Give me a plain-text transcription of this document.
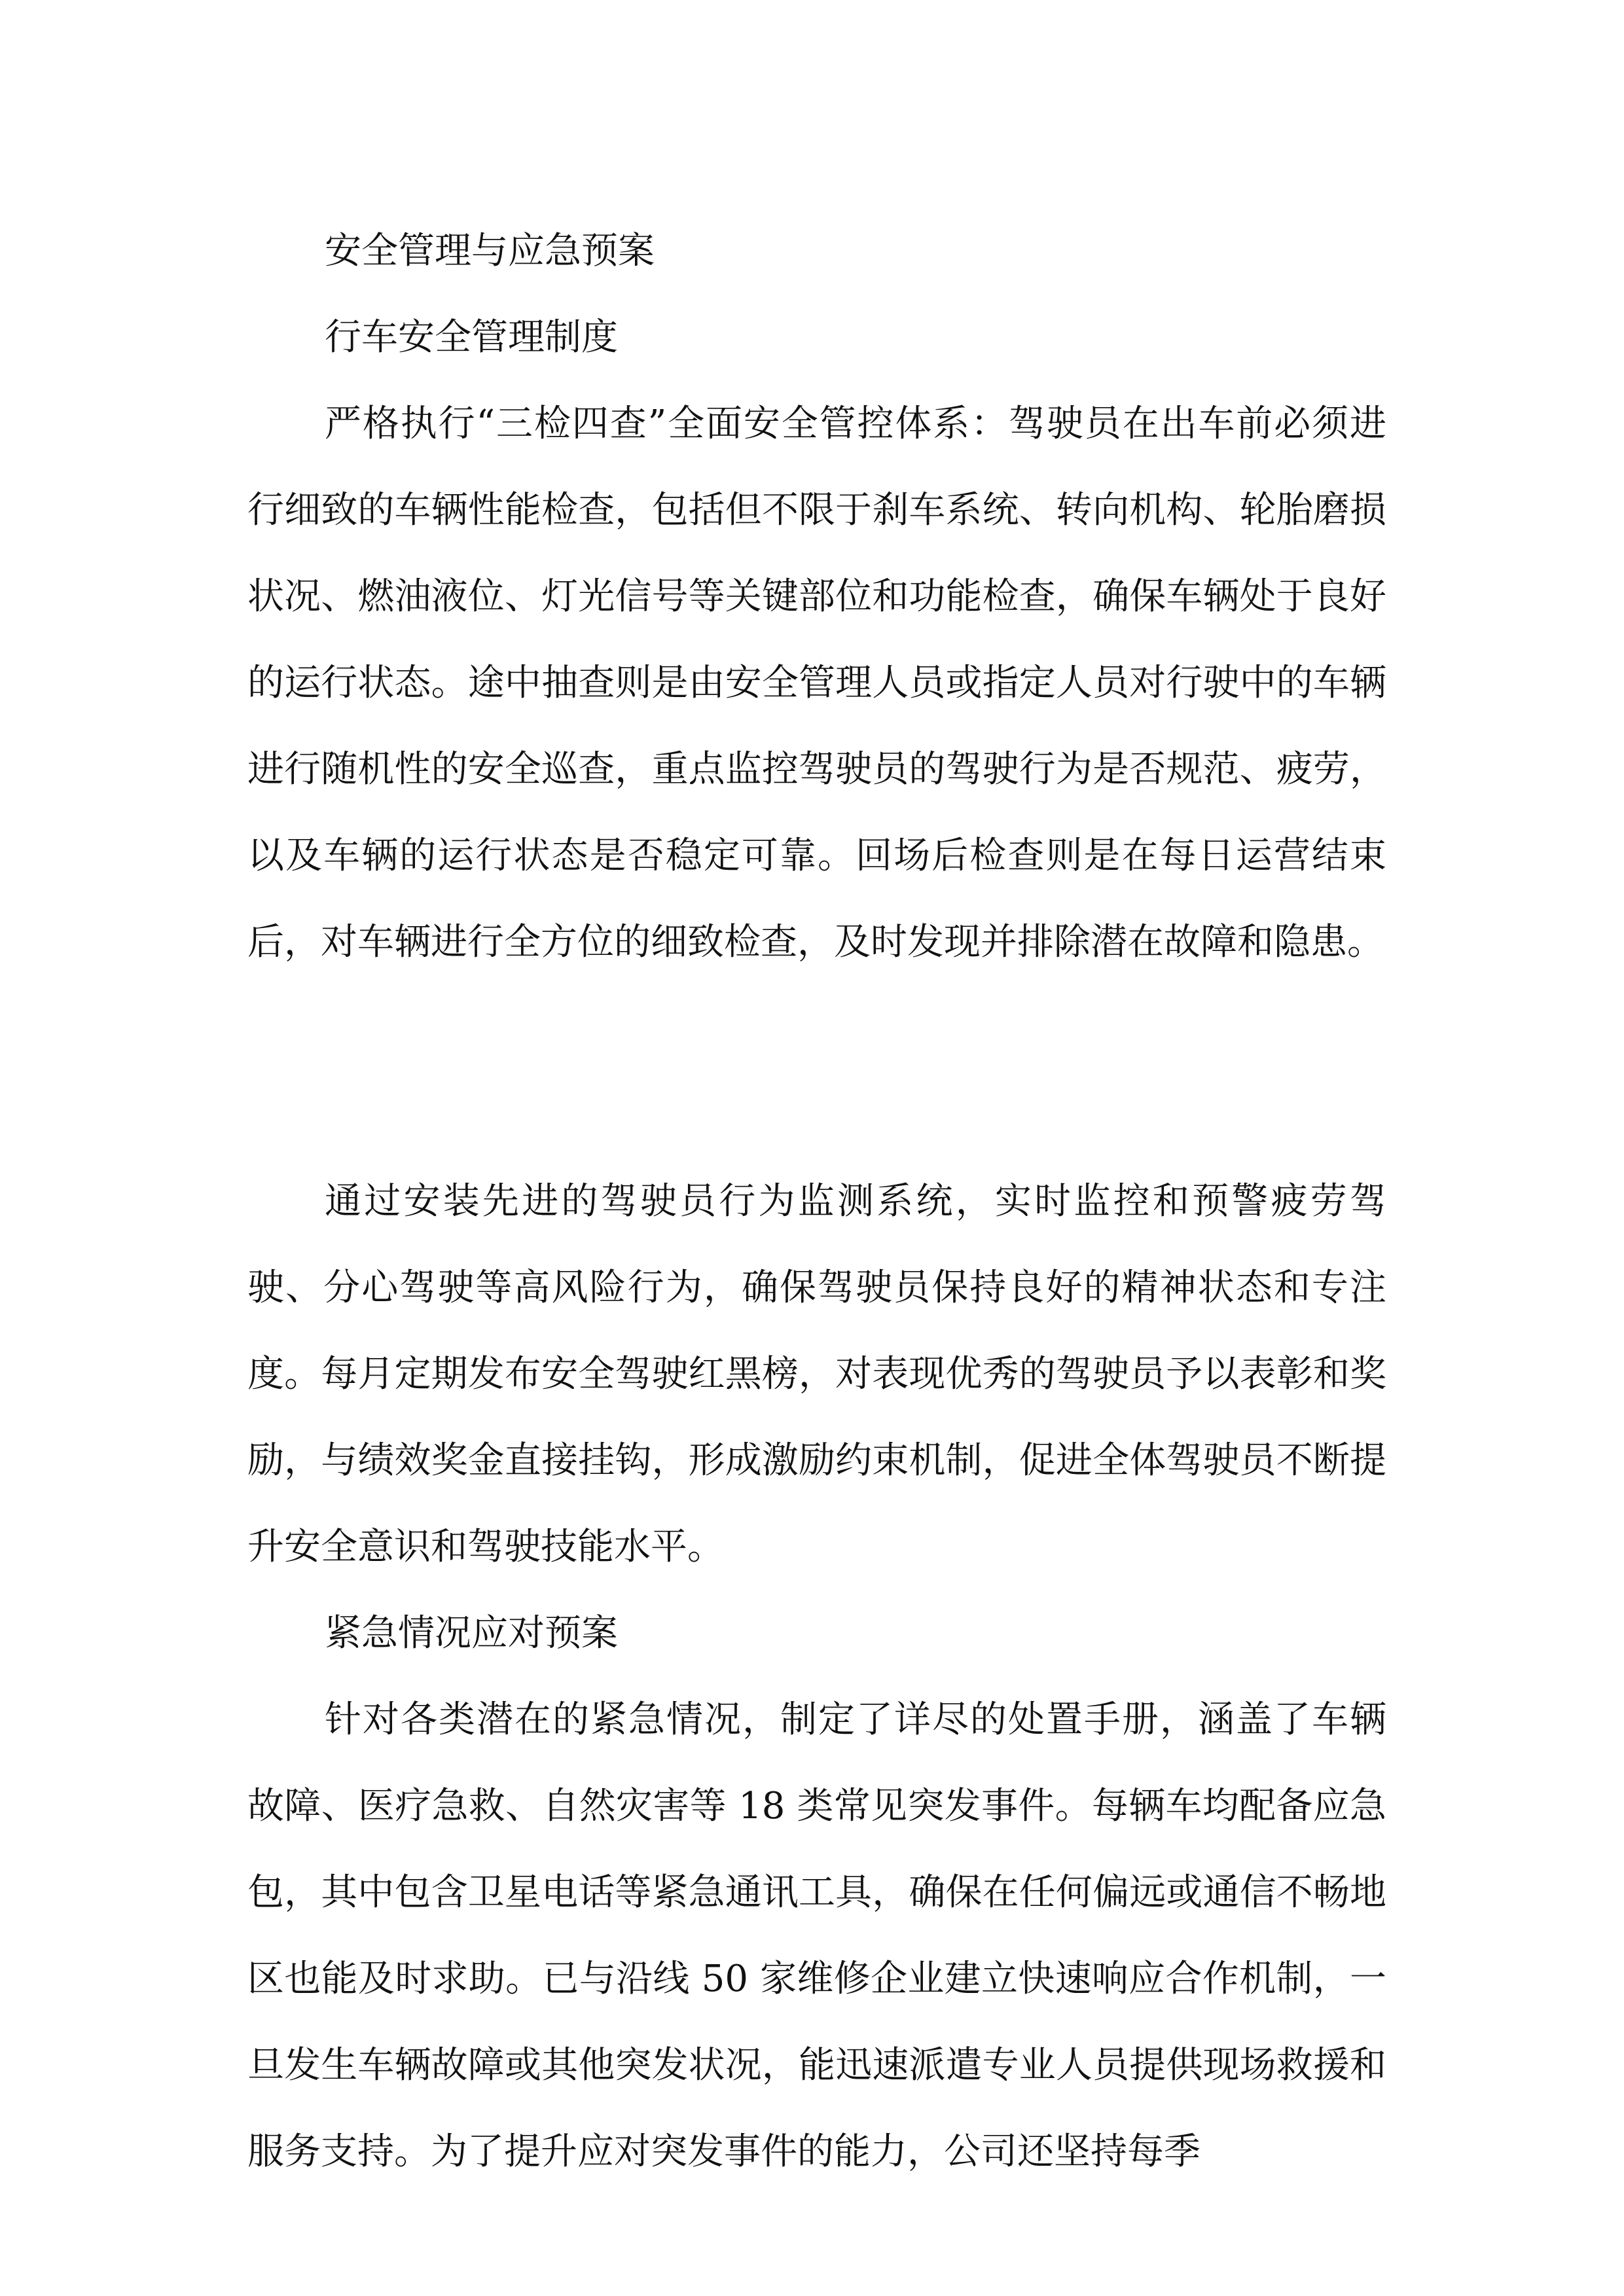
安全管理与应急预案
行车安全管理制度

严格执行“三检四查”全面安全管控体系：驾驶员在出车前必须进行细致的车辆性能检查，包括但不限于刹车系统、转向机构、轮胎磨损状况、燃油液位、灯光信号等关键部位和功能检查，确保车辆处于良好的运行状态。途中抽查则是由安全管理人员或指定人员对行驶中的车辆进行随机性的安全巡查，重点监控驾驶员的驾驶行为是否规范、疲劳，以及车辆的运行状态是否稳定可靠。回场后检查则是在每日运营结束后，对车辆进行全方位的细致检查，及时发现并排除潜在故障和隐患。

通过安装先进的驾驶员行为监测系统，实时监控和预警疲劳驾驶、分心驾驶等高风险行为，确保驾驶员保持良好的精神状态和专注度。每月定期发布安全驾驶红黑榜，对表现优秀的驾驶员予以表彰和奖励，与绩效奖金直接挂钩，形成激励约束机制，促进全体驾驶员不断提升安全意识和驾驶技能水平。

紧急情况应对预案

针对各类潜在的紧急情况，制定了详尽的处置手册，涵盖了车辆故障、医疗急救、自然灾害等 18 类常见突发事件。每辆车均配备应急包，其中包含卫星电话等紧急通讯工具，确保在任何偏远或通信不畅地区也能及时求助。已与沿线 50 家维修企业建立快速响应合作机制，一旦发生车辆故障或其他突发状况，能迅速派遣专业人员提供现场救援和服务支持。为了提升应对突发事件的能力，公司还坚持每季
